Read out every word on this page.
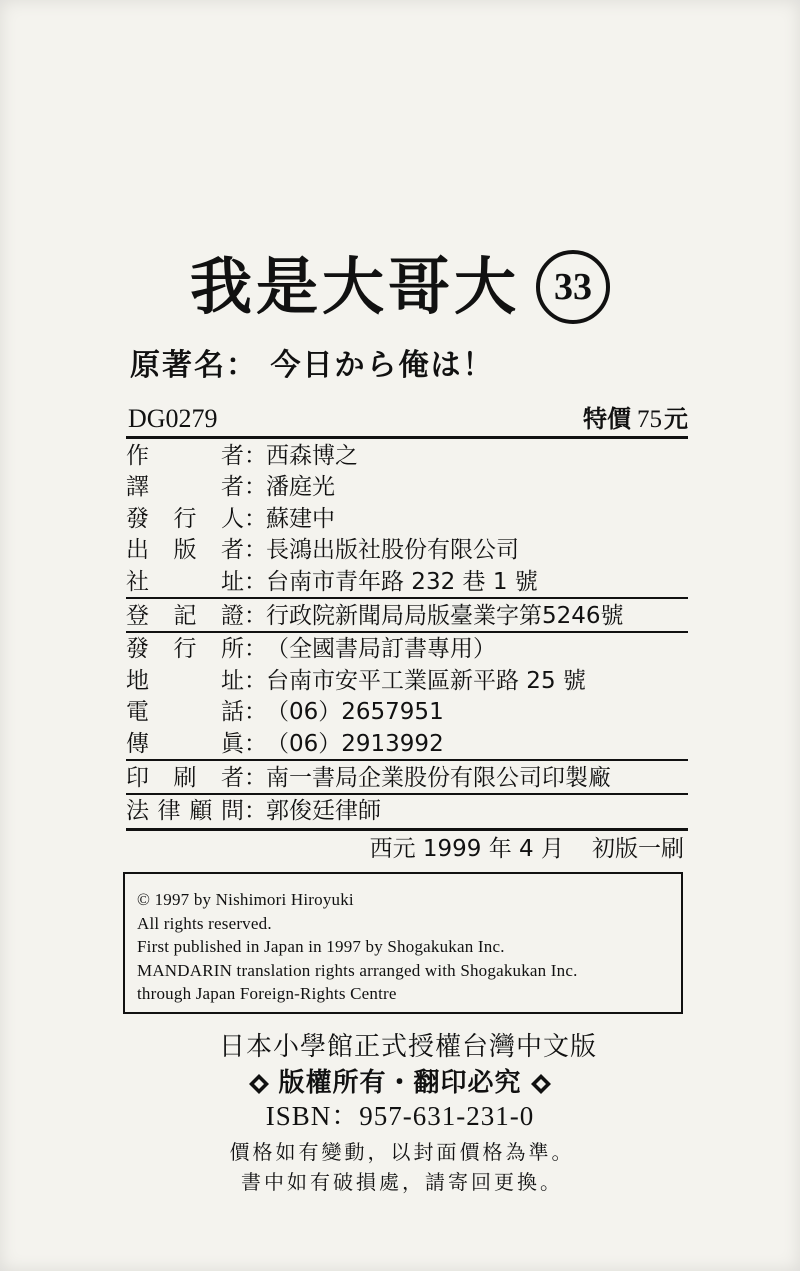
我是大哥大 33
原著名： 今日から俺は！
DG0279	特價 75元
作	者 ： 西森博之
譯	者 ： 潘庭光
發 行 人 ： 蘇建中
出 版 者 ： 長鴻出版社股份有限公司
社	址 ： 台南市青年路 232 巷 1 號
登 記 證 ： 行政院新聞局局版臺業字第5246號
發 行 所 ： （全國書局訂書專用）
地	址 ： 台南市安平工業區新平路 25 號
電	話 ： （06）2657951
傳	眞 ： （06）2913992
印 刷 者 ： 南一書局企業股份有限公司印製廠
法 律 顧 問 ： 郭俊廷律師
西元 1999 年 4 月 初版一刷
© 1997 by Nishimori Hiroyuki
All rights reserved.
First published in Japan in 1997 by Shogakukan Inc.
MANDARIN translation rights arranged with Shogakukan Inc.
through Japan Foreign-Rights Centre
日本小學館正式授權台灣中文版
版權所有・翻印必究
ISBN：957-631-231-0
價格如有變動，以封面價格為準。
書中如有破損處，請寄回更換。
